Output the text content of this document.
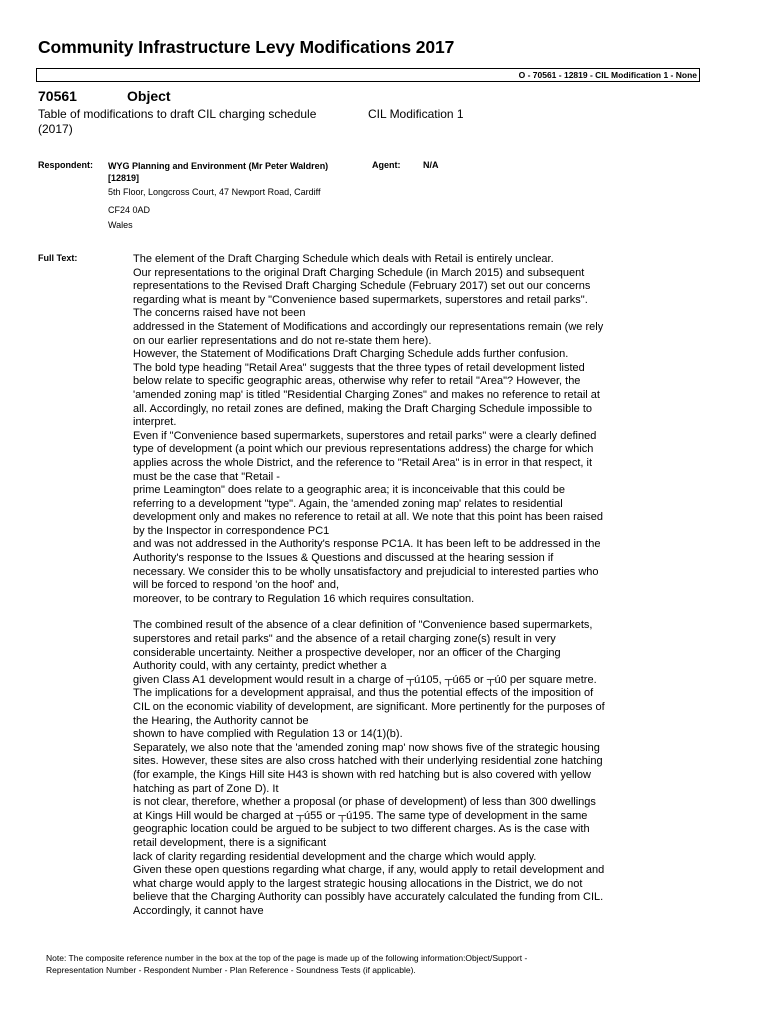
Community Infrastructure Levy Modifications 2017
O - 70561 - 12819 - CIL Modification 1 - None
70561	Object
Table of modifications to draft CIL charging schedule (2017)
CIL Modification 1
Respondent: WYG Planning and Environment (Mr Peter Waldren) [12819]
5th Floor, Longcross Court, 47 Newport Road, Cardiff
CF24 0AD
Wales
Agent:	N/A
Full Text:	The element of the Draft Charging Schedule which deals with Retail is entirely unclear.

Our representations to the original Draft Charging Schedule (in March 2015) and subsequent

representations to the Revised Draft Charging Schedule (February 2017) set out our concerns

regarding what is meant by "Convenience based supermarkets, superstores and retail parks".

The concerns raised have not been

addressed in the Statement of Modifications and accordingly our representations remain (we rely

on our earlier representations and do not re-state them here).

However, the Statement of Modifications Draft Charging Schedule adds further confusion.

The bold type heading "Retail Area" suggests that the three types of retail development listed

below relate to specific geographic areas, otherwise why refer to retail "Area"? However, the

'amended zoning map' is titled "Residential Charging Zones" and makes no reference to retail at

all. Accordingly, no retail zones are defined, making the Draft Charging Schedule impossible to

interpret.

Even if "Convenience based supermarkets, superstores and retail parks" were a clearly defined

type of development (a point which our previous representations address) the charge for which

applies across the whole District, and the reference to "Retail Area" is in error in that respect, it

must be the case that "Retail -

prime Leamington" does relate to a geographic area; it is inconceivable that this could be

referring to a development "type". Again, the 'amended zoning map' relates to residential

development only and makes no reference to retail at all. We note that this point has been raised

by the Inspector in correspondence PC1

and was not addressed in the Authority's response PC1A. It has been left to be addressed in the

Authority's response to the Issues & Questions and discussed at the hearing session if

necessary. We consider this to be wholly unsatisfactory and prejudicial to interested parties who

will be forced to respond 'on the hoof' and,

moreover, to be contrary to Regulation 16 which requires consultation.

The combined result of the absence of a clear definition of "Convenience based supermarkets,

superstores and retail parks" and the absence of a retail charging zone(s) result in very

considerable uncertainty. Neither a prospective developer, nor an officer of the Charging

Authority could, with any certainty, predict whether a

given Class A1 development would result in a charge of ┬ú105, ┬ú65 or ┬ú0 per square metre.

The implications for a development appraisal, and thus the potential effects of the imposition of

CIL on the economic viability of development, are significant. More pertinently for the purposes of

the Hearing, the Authority cannot be

shown to have complied with Regulation 13 or 14(1)(b).

Separately, we also note that the 'amended zoning map' now shows five of the strategic housing

sites. However, these sites are also cross hatched with their underlying residential zone hatching

(for example, the Kings Hill site H43 is shown with red hatching but is also covered with yellow

hatching as part of Zone D). It

is not clear, therefore, whether a proposal (or phase of development) of less than 300 dwellings

at Kings Hill would be charged at ┬ú55 or ┬ú195. The same type of development in the same

geographic location could be argued to be subject to two different charges. As is the case with

retail development, there is a significant

lack of clarity regarding residential development and the charge which would apply.

Given these open questions regarding what charge, if any, would apply to retail development and

what charge would apply to the largest strategic housing allocations in the District, we do not

believe that the Charging Authority can possibly have accurately calculated the funding from CIL.

Accordingly, it cannot have

Note: The composite reference number in the box at the top of the page is made up of the following information:Object/Support -
Representation Number - Respondent Number - Plan Reference - Soundness Tests (if applicable).
